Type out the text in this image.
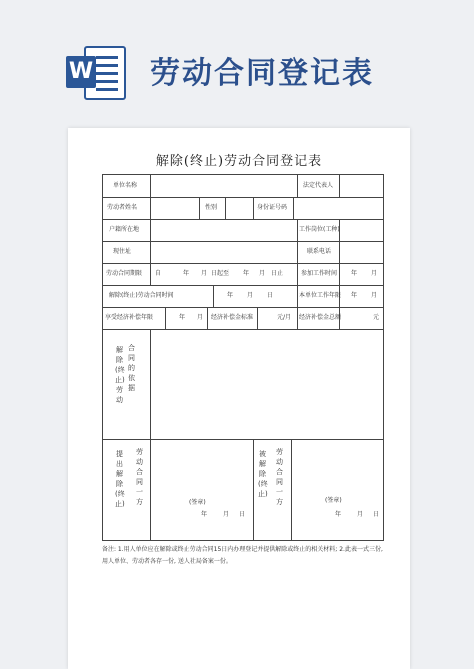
W 劳动合同登记表
解除(终止)劳动合同登记表
单位名称	法定代表人
劳动者姓名	性别	身份证号码
户籍所在地	工作岗位(工种)
现住址	联系电话
劳动合同期限 自	年 月 日起至 年 月 日止	参加工作时间 年 月
解除(终止)劳动合同时间	年 月 日	本单位工作年限 年 月
享受经济补偿年限	年 月 经济补偿金标准	元/月 经济补偿金总额	元
解除(终止)劳动
合同的依据
提出解除(终止)
劳动合同一方	(签章)
年	月 日
被解除(终止)
劳动合同一方	(签章)
年	月 日
备注: 1.用人单位应在解除或终止劳动合同15日内办理登记并提供解除或终止的相关材料; 2.此表一式三份, 用人单位、劳动者各存一份, 送人社局备案一份。
